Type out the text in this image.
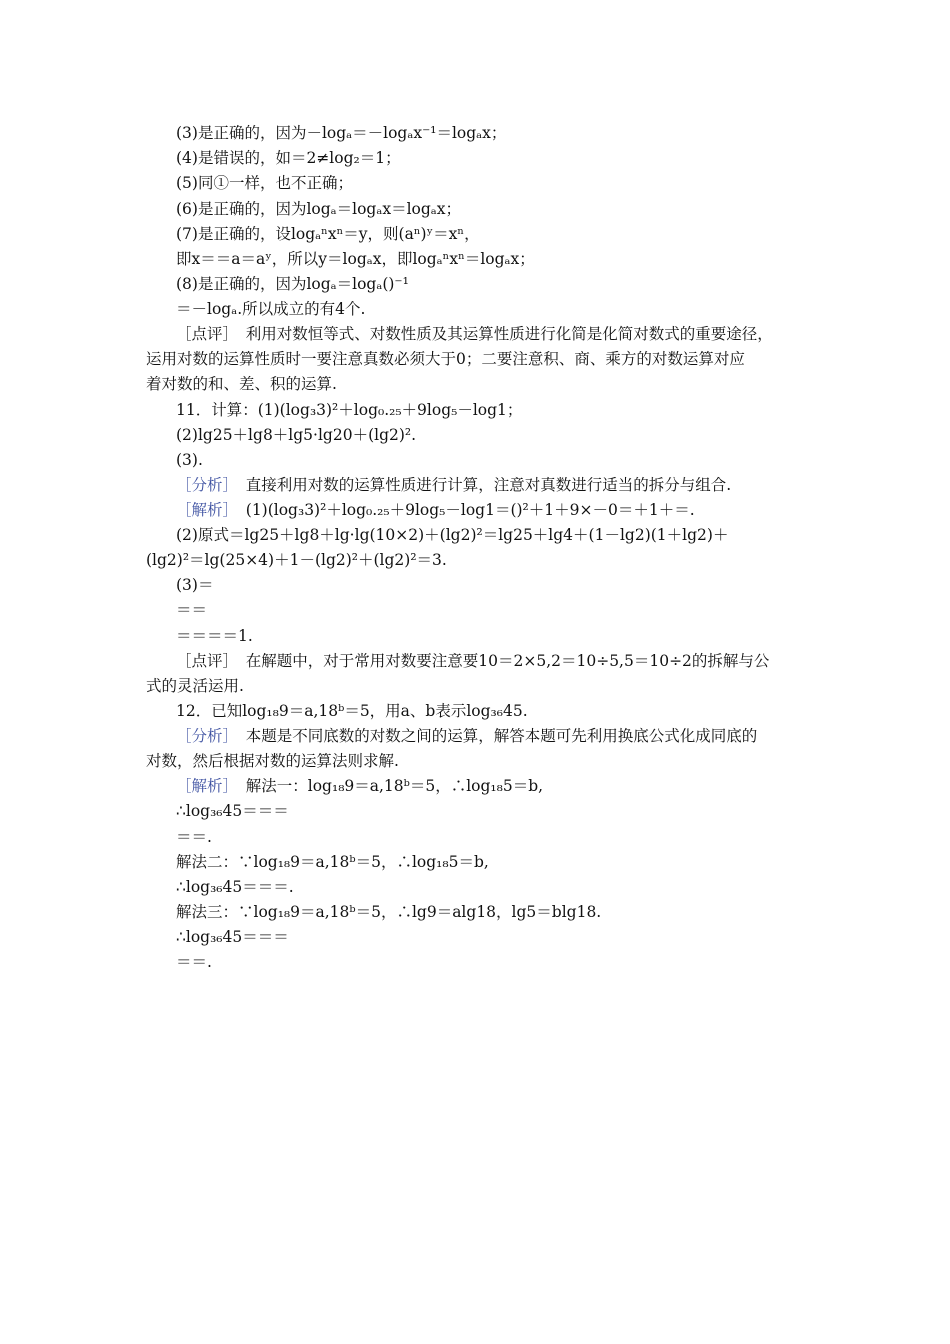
(3)是正确的，因为－logₐ＝－logₐx⁻¹＝logₐx；
(4)是错误的，如＝2≠log₂＝1；
(5)同①一样，也不正确；
(6)是正确的，因为logₐ＝logₐx＝logₐx；
(7)是正确的，设logₐⁿxⁿ＝y，则(aⁿ)ʸ＝xⁿ，
即x＝＝a＝aʸ，所以y＝logₐx，即logₐⁿxⁿ＝logₐx；
(8)是正确的，因为logₐ＝logₐ()⁻¹
＝－logₐ.所以成立的有4个.
［点评］　利用对数恒等式、对数性质及其运算性质进行化简是化简对数式的重要途径，
运用对数的运算性质时一要注意真数必须大于0；二要注意积、商、乘方的对数运算对应
着对数的和、差、积的运算.
11．计算：(1)(log₃3)²＋log₀.₂₅＋9log₅－log1；
(2)lg25＋lg8＋lg5·lg20＋(lg2)².
(3).
［分析］　直接利用对数的运算性质进行计算，注意对真数进行适当的拆分与组合.
［解析］　(1)(log₃3)²＋log₀.₂₅＋9log₅－log1＝()²＋1＋9×－0＝＋1＋＝.
(2)原式＝lg25＋lg8＋lg·lg(10×2)＋(lg2)²＝lg25＋lg4＋(1－lg2)(1＋lg2)＋
(lg2)²＝lg(25×4)＋1－(lg2)²＋(lg2)²＝3.
(3)＝
＝＝
＝＝＝＝1.
［点评］　在解题中，对于常用对数要注意要10＝2×5,2＝10÷5,5＝10÷2的拆解与公
式的灵活运用.
12．已知log₁₈9＝a,18ᵇ＝5，用a、b表示log₃₆45.
［分析］　本题是不同底数的对数之间的运算，解答本题可先利用换底公式化成同底的
对数，然后根据对数的运算法则求解.
［解析］　解法一：log₁₈9＝a,18ᵇ＝5，∴log₁₈5＝b,
∴log₃₆45＝＝＝
＝＝.
解法二：∵log₁₈9＝a,18ᵇ＝5，∴log₁₈5＝b,
∴log₃₆45＝＝＝.
解法三：∵log₁₈9＝a,18ᵇ＝5，∴lg9＝alg18，lg5＝blg18.
∴log₃₆45＝＝＝
＝＝.
